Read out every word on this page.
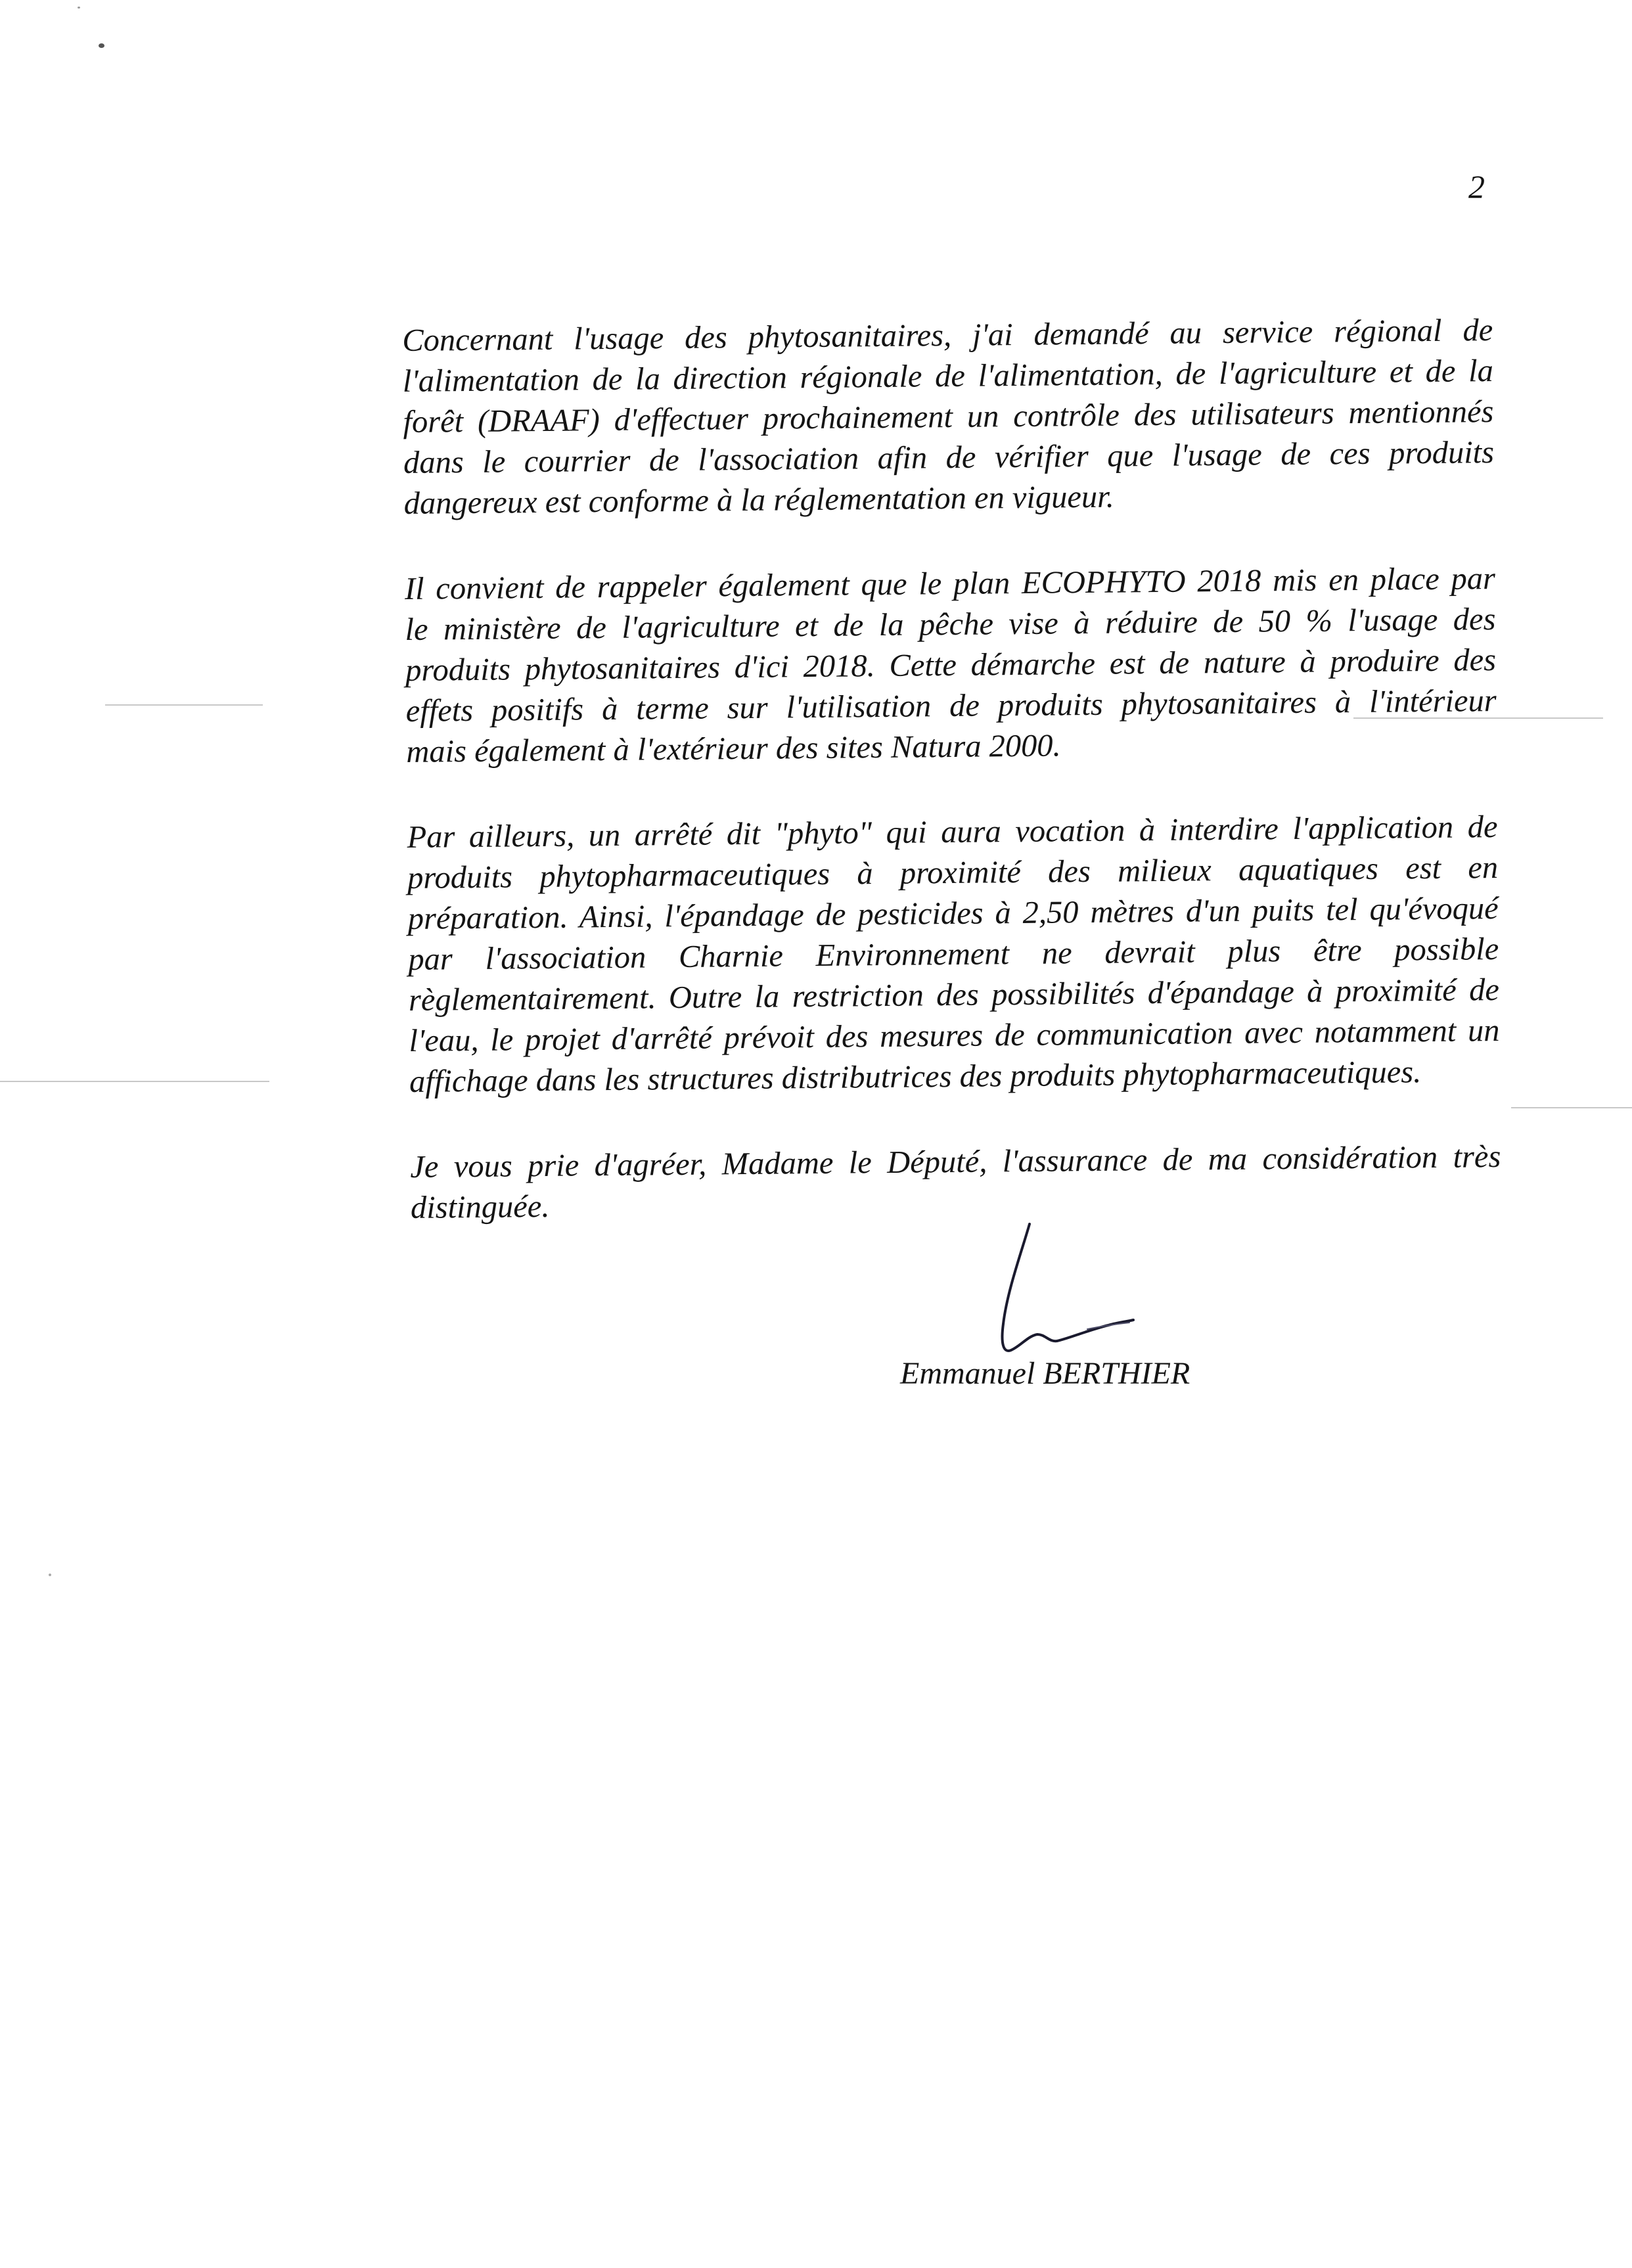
2
Concernant l'usage des phytosanitaires, j'ai demandé au service régional de
l'alimentation de la direction régionale de l'alimentation, de l'agriculture et de la
forêt (DRAAF) d'effectuer prochainement un contrôle des utilisateurs mentionnés
dans le courrier de l'association afin de vérifier que l'usage de ces produits
dangereux est conforme à la réglementation en vigueur.
Il convient de rappeler également que le plan ECOPHYTO 2018 mis en place par
le ministère de l'agriculture et de la pêche vise à réduire de 50 % l'usage des
produits phytosanitaires d'ici 2018. Cette démarche est de nature à produire des
effets positifs à terme sur l'utilisation de produits phytosanitaires à l'intérieur
mais également à l'extérieur des sites Natura 2000.
Par ailleurs, un arrêté dit "phyto" qui aura vocation à interdire l'application de
produits phytopharmaceutiques à proximité des milieux aquatiques est en
préparation. Ainsi, l'épandage de pesticides à 2,50 mètres d'un puits tel qu'évoqué
par l'association Charnie Environnement ne devrait plus être possible
règlementairement. Outre la restriction des possibilités d'épandage à proximité de
l'eau, le projet d'arrêté prévoit des mesures de communication avec notamment un
affichage dans les structures distributrices des produits phytopharmaceutiques.
Je vous prie d'agréer, Madame le Député, l'assurance de ma considération très
distinguée.
Emmanuel BERTHIER
